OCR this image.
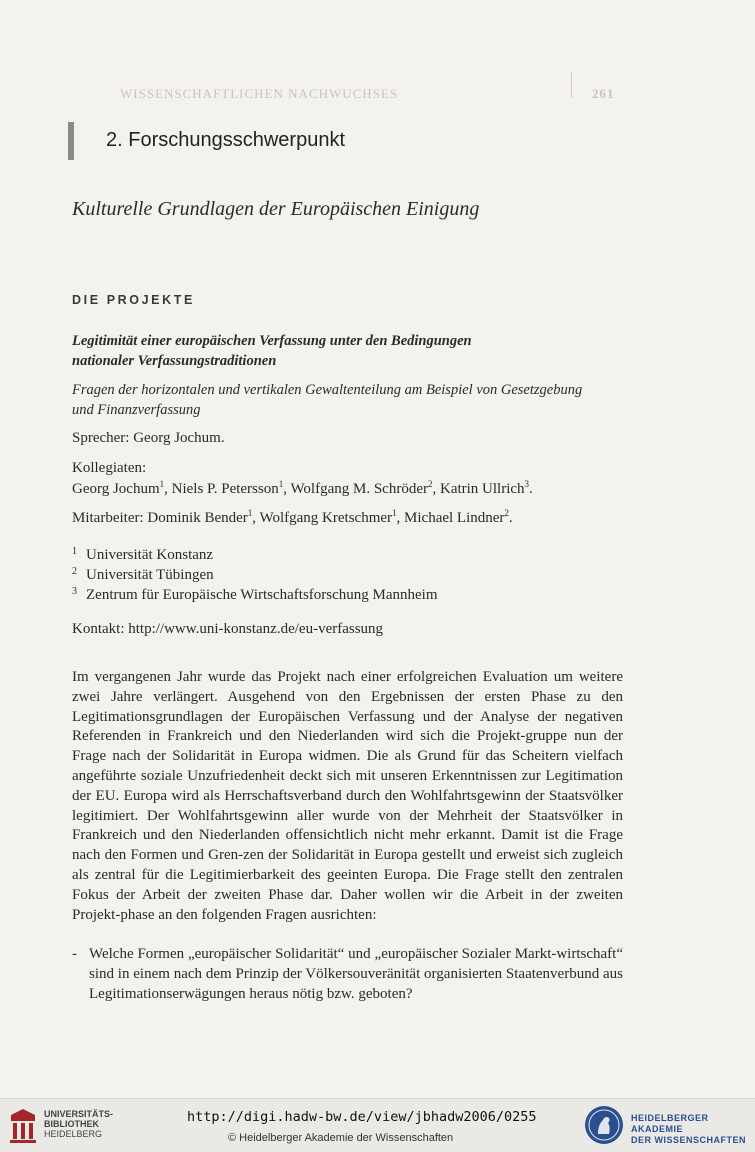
WISSENSCHAFTLICHEN NACHWUCHSES	261
2. Forschungsschwerpunkt
Kulturelle Grundlagen der Europäischen Einigung
DIE PROJEKTE
Legitimität einer europäischen Verfassung unter den Bedingungen
nationaler Verfassungstraditionen
Fragen der horizontalen und vertikalen Gewaltenteilung am Beispiel von Gesetzgebung
und Finanzverfassung
Sprecher: Georg Jochum.
Kollegiaten:
Georg Jochum$^1$, Niels P. Petersson$^1$, Wolfgang M. Schröder$^2$, Katrin Ullrich$^3$.
Mitarbeiter: Dominik Bender$^1$, Wolfgang Kretschmer$^1$, Michael Lindner$^2$.
1 Universität Konstanz
2 Universität Tübingen
3 Zentrum für Europäische Wirtschaftsforschung Mannheim
Kontakt: http://www.uni-konstanz.de/eu-verfassung

Im vergangenen Jahr wurde das Projekt nach einer erfolgreichen Evaluation um weitere zwei Jahre verlängert. Ausgehend von den Ergebnissen der ersten Phase zu den Legitimationsgrundlagen der Europäischen Verfassung und der Analyse der negativen Referenden in Frankreich und den Niederlanden wird sich die Projekt-gruppe nun der Frage nach der Solidarität in Europa widmen. Die als Grund für das Scheitern vielfach angeführte soziale Unzufriedenheit deckt sich mit unseren Erkenntnissen zur Legitimation der EU. Europa wird als Herrschaftsverband durch den Wohlfahrtsgewinn der Staatsvölker legitimiert. Der Wohlfahrtsgewinn aller wurde von der Mehrheit der Staatsvölker in Frankreich und den Niederlanden offensichtlich nicht mehr erkannt. Damit ist die Frage nach den Formen und Gren-zen der Solidarität in Europa gestellt und erweist sich zugleich als zentral für die Legitimierbarkeit des geeinten Europa. Die Frage stellt den zentralen Fokus der Arbeit der zweiten Phase dar. Daher wollen wir die Arbeit in der zweiten Projekt-phase an den folgenden Fragen ausrichten:

- Welche Formen „europäischer Solidarität“ und „europäischer Sozialer Markt-wirtschaft“ sind in einem nach dem Prinzip der Völkersouveränität organisierten Staatenverbund aus Legitimationserwägungen heraus nötig bzw. geboten?
UNIVERSITÄTS-
BIBLIOTHEK
HEIDELBERG
http://digi.hadw-bw.de/view/jbhadw2006/0255
© Heidelberger Akademie der Wissenschaften
HEIDELBERGER AKADEMIE
DER WISSENSCHAFTEN
